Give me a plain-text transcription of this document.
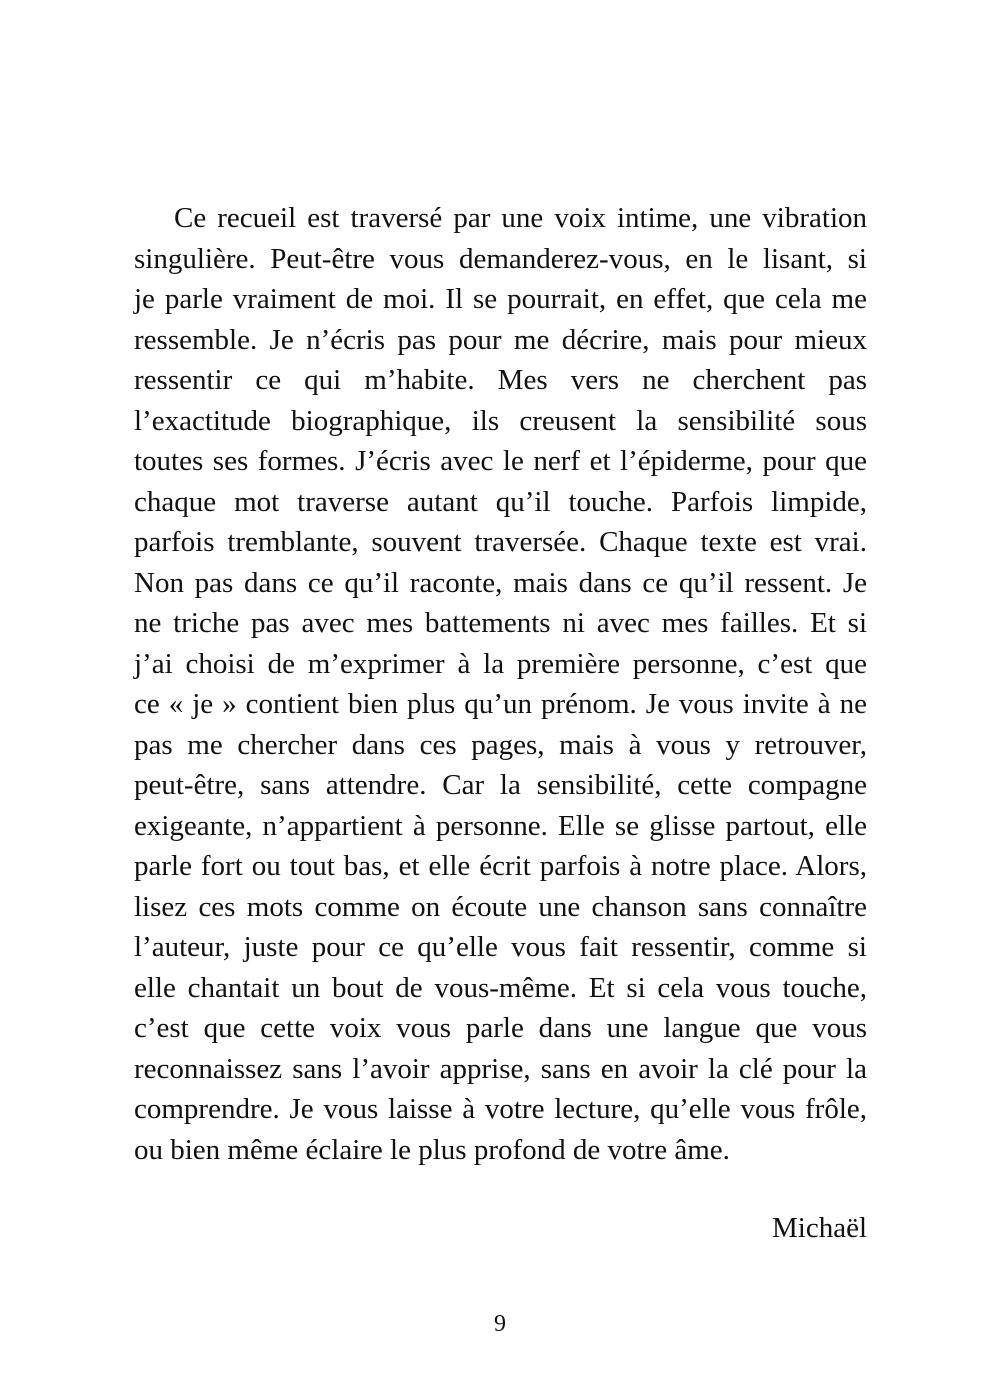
Ce recueil est traversé par une voix intime, une vibration
singulière. Peut-être vous demanderez-vous, en le lisant, si
je parle vraiment de moi. Il se pourrait, en effet, que cela me
ressemble. Je n’écris pas pour me décrire, mais pour mieux
ressentir ce qui m’habite. Mes vers ne cherchent pas
l’exactitude biographique, ils creusent la sensibilité sous
toutes ses formes. J’écris avec le nerf et l’épiderme, pour que
chaque mot traverse autant qu’il touche. Parfois limpide,
parfois tremblante, souvent traversée. Chaque texte est vrai.
Non pas dans ce qu’il raconte, mais dans ce qu’il ressent. Je
ne triche pas avec mes battements ni avec mes failles. Et si
j’ai choisi de m’exprimer à la première personne, c’est que
ce « je » contient bien plus qu’un prénom. Je vous invite à ne
pas me chercher dans ces pages, mais à vous y retrouver,
peut-être, sans attendre. Car la sensibilité, cette compagne
exigeante, n’appartient à personne. Elle se glisse partout, elle
parle fort ou tout bas, et elle écrit parfois à notre place. Alors,
lisez ces mots comme on écoute une chanson sans connaître
l’auteur, juste pour ce qu’elle vous fait ressentir, comme si
elle chantait un bout de vous-même. Et si cela vous touche,
c’est que cette voix vous parle dans une langue que vous
reconnaissez sans l’avoir apprise, sans en avoir la clé pour la
comprendre. Je vous laisse à votre lecture, qu’elle vous frôle,
ou bien même éclaire le plus profond de votre âme.
Michaël
9
